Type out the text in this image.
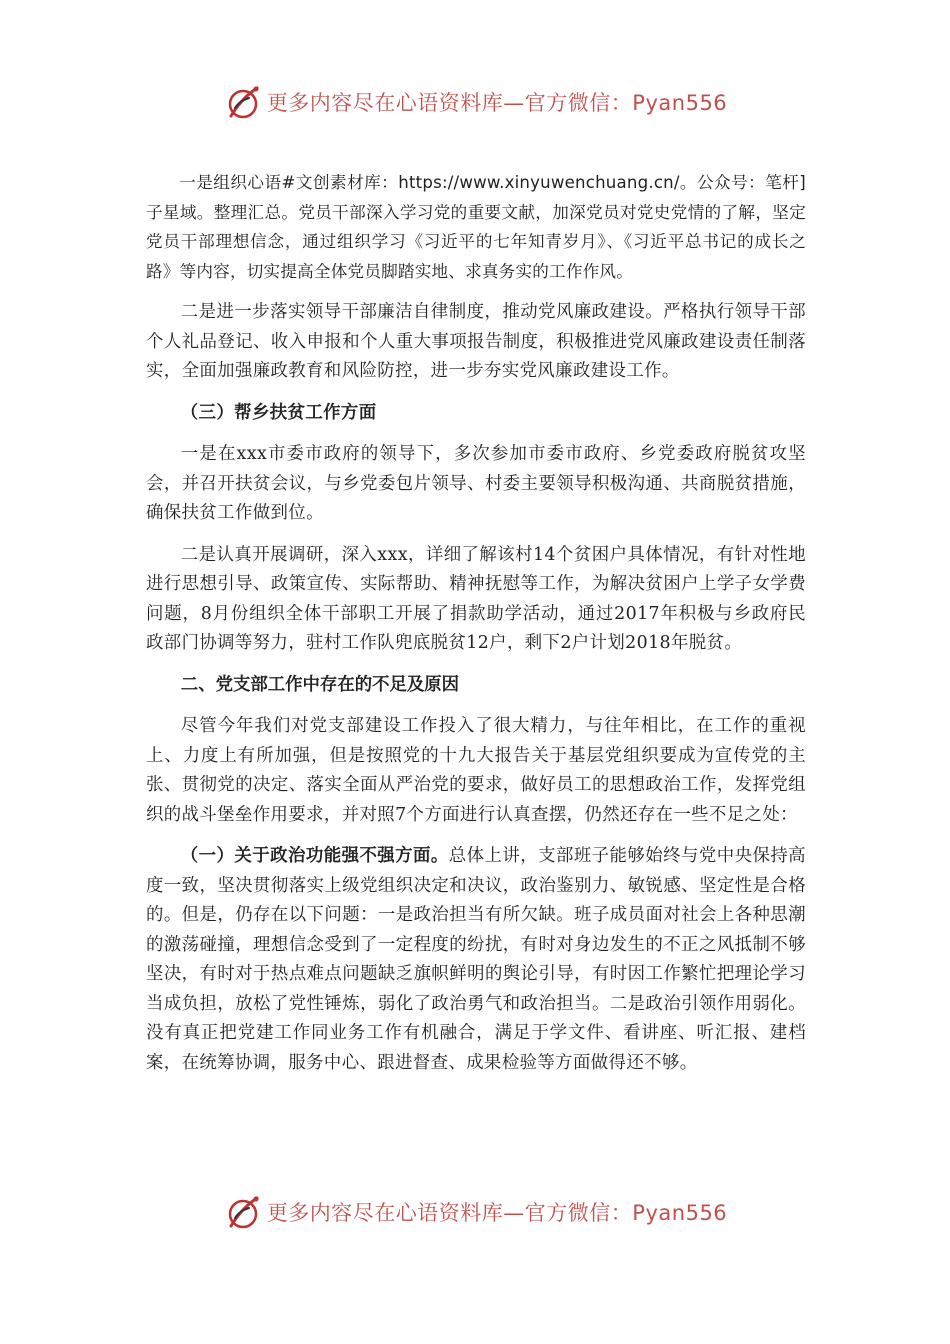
更多内容尽在心语资料库—官方微信：Pyan556

一是组织心语#文创素材库：https://www.xinyuwenchuang.cn/。公众号：笔杆]子星域。整理汇总。党员干部深入学习党的重要文献，加深党员对党史党情的了解，坚定党员干部理想信念，通过组织学习《习近平的七年知青岁月》、《习近平总书记的成长之路》等内容，切实提高全体党员脚踏实地、求真务实的工作作风。

二是进一步落实领导干部廉洁自律制度，推动党风廉政建设。严格执行领导干部个人礼品登记、收入申报和个人重大事项报告制度，积极推进党风廉政建设责任制落实，全面加强廉政教育和风险防控，进一步夯实党风廉政建设工作。

（三）帮乡扶贫工作方面

一是在xxx市委市政府的领导下，多次参加市委市政府、乡党委政府脱贫攻坚会，并召开扶贫会议，与乡党委包片领导、村委主要领导积极沟通、共商脱贫措施，确保扶贫工作做到位。

二是认真开展调研，深入xxx，详细了解该村14个贫困户具体情况，有针对性地进行思想引导、政策宣传、实际帮助、精神抚慰等工作，为解决贫困户上学子女学费问题，8月份组织全体干部职工开展了捐款助学活动，通过2017年积极与乡政府民政部门协调等努力，驻村工作队兜底脱贫12户，剩下2户计划2018年脱贫。

二、党支部工作中存在的不足及原因

尽管今年我们对党支部建设工作投入了很大精力，与往年相比，在工作的重视上、力度上有所加强，但是按照党的十九大报告关于基层党组织要成为宣传党的主张、贯彻党的决定、落实全面从严治党的要求，做好员工的思想政治工作，发挥党组织的战斗堡垒作用要求，并对照7个方面进行认真查摆，仍然还存在一些不足之处：

（一）关于政治功能强不强方面。总体上讲，支部班子能够始终与党中央保持高度一致，坚决贯彻落实上级党组织决定和决议，政治鉴别力、敏锐感、坚定性是合格的。但是，仍存在以下问题：一是政治担当有所欠缺。班子成员面对社会上各种思潮的激荡碰撞，理想信念受到了一定程度的纷扰，有时对身边发生的不正之风抵制不够坚决，有时对于热点难点问题缺乏旗帜鲜明的舆论引导，有时因工作繁忙把理论学习当成负担，放松了党性锤炼，弱化了政治勇气和政治担当。二是政治引领作用弱化。没有真正把党建工作同业务工作有机融合，满足于学文件、看讲座、听汇报、建档案，在统筹协调，服务中心、跟进督查、成果检验等方面做得还不够。

更多内容尽在心语资料库—官方微信：Pyan556
